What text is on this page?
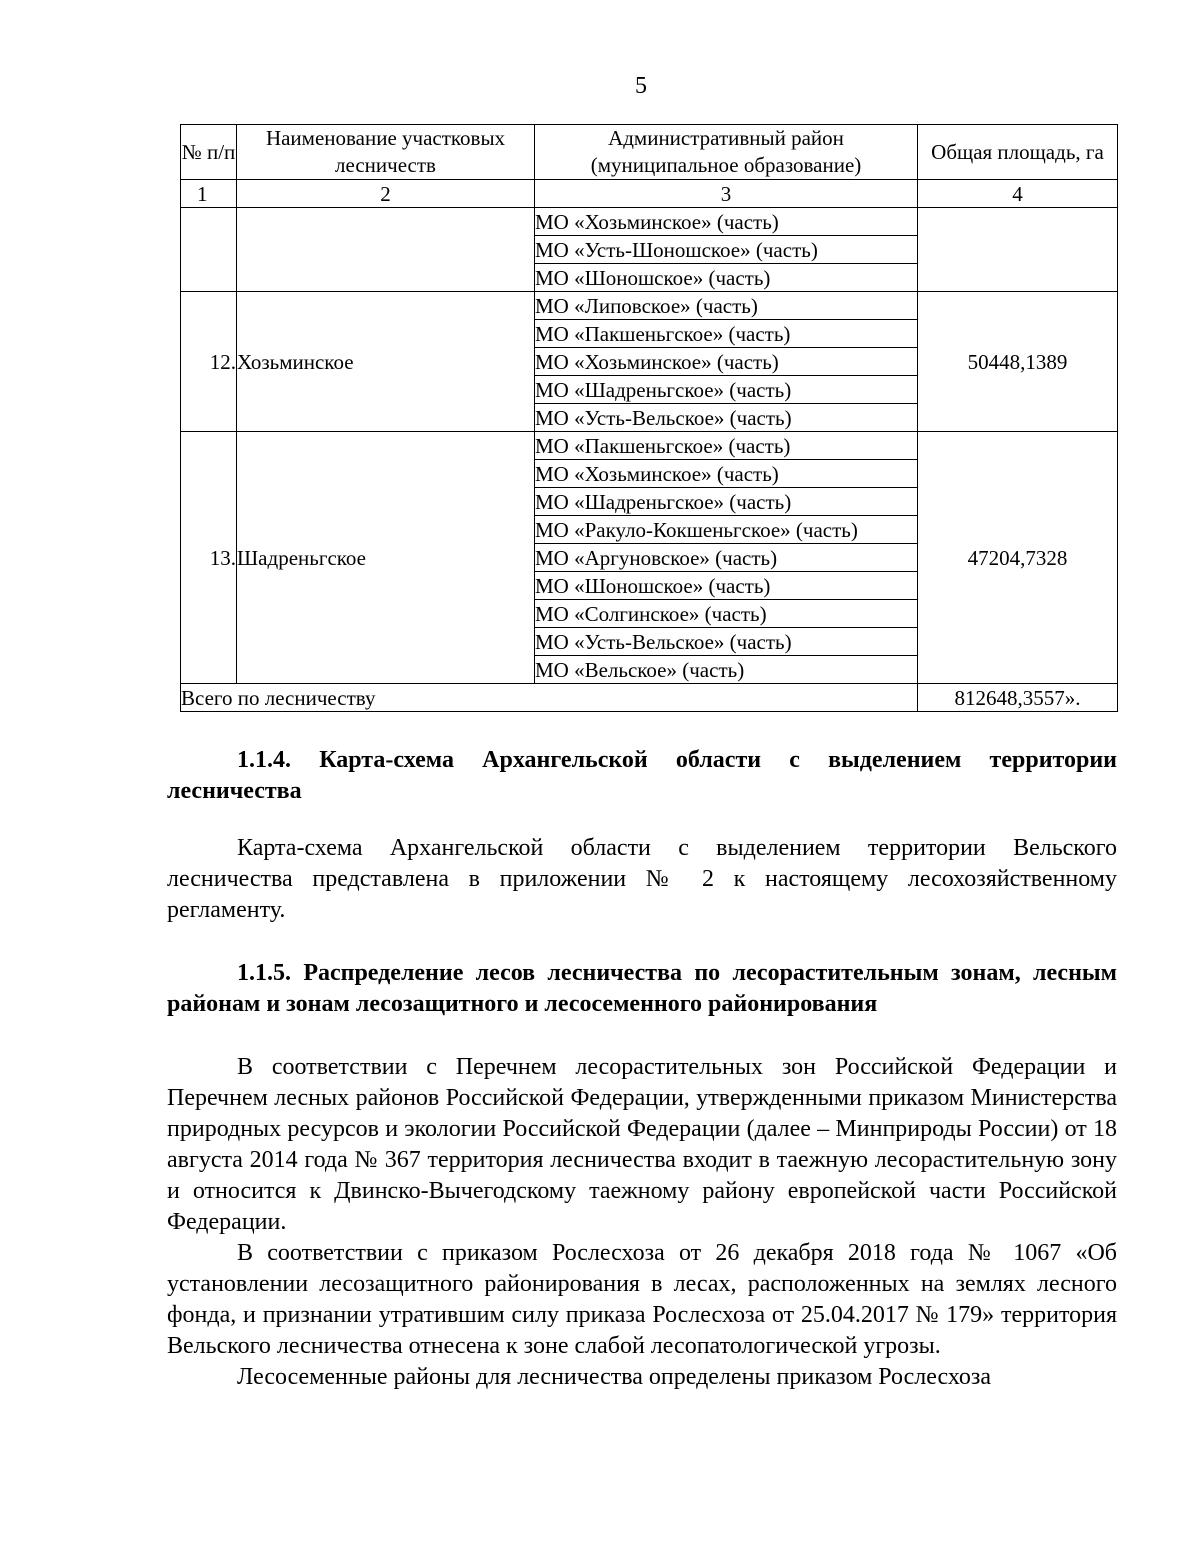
5
№ п/п	Наименование участковых лесничеств	Административный район (муниципальное образование)	Общая площадь, га
1	2	3	4
		МО «Хозьминское» (часть)	
		МО «Усть-Шоношское» (часть)	
		МО «Шоношское» (часть)	
12.	Хозьминское	МО «Липовское» (часть)	50448,1389
		МО «Пакшеньгское» (часть)	
		МО «Хозьминское» (часть)	
		МО «Шадреньгское» (часть)	
		МО «Усть-Вельское» (часть)	
13.	Шадреньгское	МО «Пакшеньгское» (часть)	47204,7328
		МО «Хозьминское» (часть)	
		МО «Шадреньгское» (часть)	
		МО «Ракуло-Кокшеньгское» (часть)	
		МО «Аргуновское» (часть)	
		МО «Шоношское» (часть)	
		МО «Солгинское» (часть)	
		МО «Усть-Вельское» (часть)	
		МО «Вельское» (часть)	
Всего по лесничеству			812648,3557».
1.1.4. Карта-схема Архангельской области с выделением территории лесничества
Карта-схема Архангельской области с выделением территории Вельского лесничества представлена в приложении № 2 к настоящему лесохозяйственному регламенту.
1.1.5. Распределение лесов лесничества по лесорастительным зонам, лесным районам и зонам лесозащитного и лесосеменного районирования

В соответствии с Перечнем лесорастительных зон Российской Федерации и Перечнем лесных районов Российской Федерации, утвержденными приказом Министерства природных ресурсов и экологии Российской Федерации (далее – Минприроды России) от 18 августа 2014 года № 367 территория лесничества входит в таежную лесорастительную зону и относится к Двинско-Вычегодскому таежному району европейской части Российской Федерации.

В соответствии с приказом Рослесхоза от 26 декабря 2018 года № 1067 «Об установлении лесозащитного районирования в лесах, расположенных на землях лесного фонда, и признании утратившим силу приказа Рослесхоза от 25.04.2017 № 179» территория Вельского лесничества отнесена к зоне слабой лесопатологической угрозы.

Лесосеменные районы для лесничества определены приказом Рослесхоза
